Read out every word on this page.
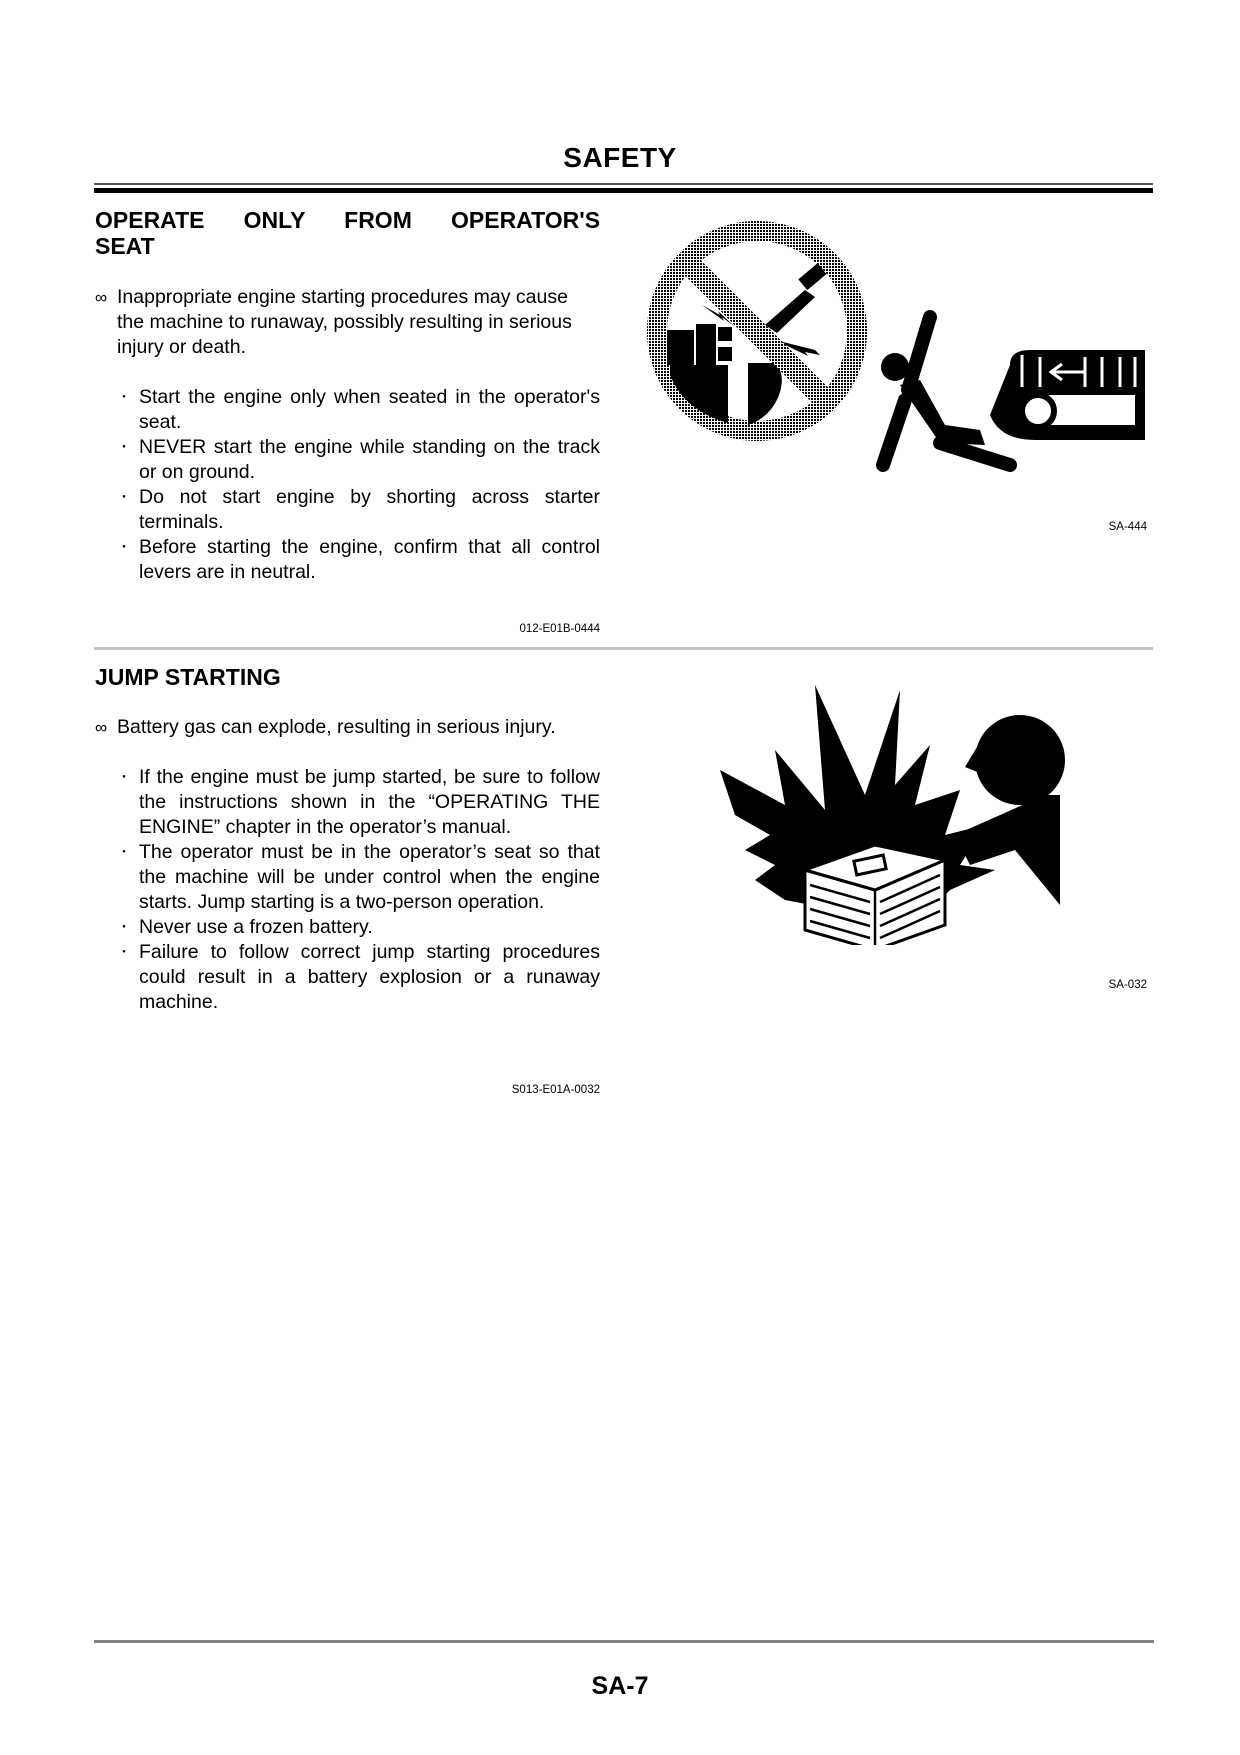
SAFETY
OPERATE ONLY FROM OPERATOR'S
SEAT
∞ Inappropriate engine starting procedures may cause the machine to runaway, possibly resulting in serious injury or death.
・ Start the engine only when seated in the operator's seat.
・ NEVER start the engine while standing on the track or on ground.
・ Do not start engine by shorting across starter terminals.
・ Before starting the engine, confirm that all control levers are in neutral.
012-E01B-0444
SA-444
JUMP STARTING
∞ Battery gas can explode, resulting in serious injury.
・ If the engine must be jump started, be sure to follow the instructions shown in the “OPERATING THE ENGINE” chapter in the operator’s manual.
・ The operator must be in the operator’s seat so that the machine will be under control when the engine starts. Jump starting is a two-person operation.
・ Never use a frozen battery.
・ Failure to follow correct jump starting procedures could result in a battery explosion or a runaway machine.
S013-E01A-0032
SA-032
SA-7
